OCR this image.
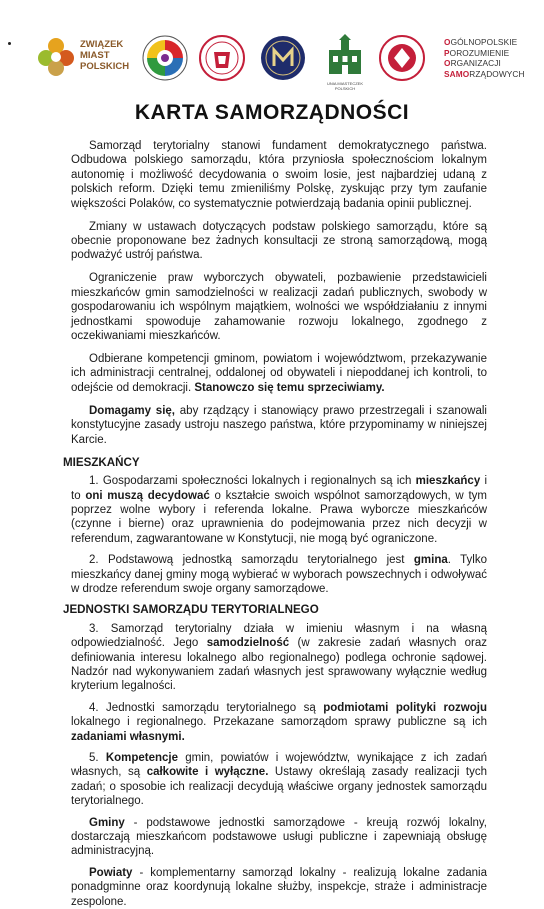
ZWIĄZEK
MIAST
POLSKICH
UNIA MIASTECZEK POLSKICH
OGÓLNOPOLSKIE
POROZUMIENIE
ORGANIZACJI
SAMORZĄDOWYCH
KARTA SAMORZĄDNOŚCI

Samorząd terytorialny stanowi fundament demokratycznego państwa. Odbudowa polskiego samorządu, która przyniosła społecznościom lokalnym autonomię i możliwość decydowania o swoim losie, jest najbardziej udaną z polskich reform. Dzięki temu zmieniliśmy Polskę, zyskując przy tym zaufanie większości Polaków, co systematycznie potwierdzają badania opinii publicznej.

Zmiany w ustawach dotyczących podstaw polskiego samorządu, które są obecnie proponowane bez żadnych konsultacji ze stroną samorządową, mogą podważyć ustrój państwa.

Ograniczenie praw wyborczych obywateli, pozbawienie przedstawicieli mieszkańców gmin samodzielności w realizacji zadań publicznych, swobody w gospodarowaniu ich wspólnym majątkiem, wolności we współdziałaniu z innymi jednostkami spowoduje zahamowanie rozwoju lokalnego, zgodnego z oczekiwaniami mieszkańców.

Odbierane kompetencji gminom, powiatom i województwom, przekazywanie ich administracji centralnej, oddalonej od obywateli i niepoddanej ich kontroli, to odejście od demokracji. Stanowczo się temu sprzeciwiamy.

Domagamy się, aby rządzący i stanowiący prawo przestrzegali i szanowali konstytucyjne zasady ustroju naszego państwa, które przypominamy w niniejszej Karcie.

MIESZKAŃCY

1. Gospodarzami społeczności lokalnych i regionalnych są ich mieszkańcy i to oni muszą decydować o kształcie swoich wspólnot samorządowych, w tym poprzez wolne wybory i referenda lokalne. Prawa wyborcze mieszkańców (czynne i bierne) oraz uprawnienia do podejmowania przez nich decyzji w referendum, zagwarantowane w Konstytucji, nie mogą być ograniczone.

2. Podstawową jednostką samorządu terytorialnego jest gmina. Tylko mieszkańcy danej gminy mogą wybierać w wyborach powszechnych i odwoływać w drodze referendum swoje organy samorządowe.

JEDNOSTKI SAMORZĄDU TERYTORIALNEGO

3. Samorząd terytorialny działa w imieniu własnym i na własną odpowiedzialność. Jego samodzielność (w zakresie zadań własnych oraz definiowania interesu lokalnego albo regionalnego) podlega ochronie sądowej. Nadzór nad wykonywaniem zadań własnych jest sprawowany wyłącznie według kryterium legalności.

4. Jednostki samorządu terytorialnego są podmiotami polityki rozwoju lokalnego i regionalnego. Przekazane samorządom sprawy publiczne są ich zadaniami własnymi.

5. Kompetencje gmin, powiatów i województw, wynikające z ich zadań własnych, są całkowite i wyłączne. Ustawy określają zasady realizacji tych zadań; o sposobie ich realizacji decydują właściwe organy jednostek samorządu terytorialnego.

Gminy - podstawowe jednostki samorządowe - kreują rozwój lokalny, dostarczają mieszkańcom podstawowe usługi publiczne i zapewniają obsługę administracyjną.

Powiaty - komplementarny samorząd lokalny - realizują lokalne zadania ponadgminne oraz koordynują lokalne służby, inspekcje, straże i administracje zespolone.
